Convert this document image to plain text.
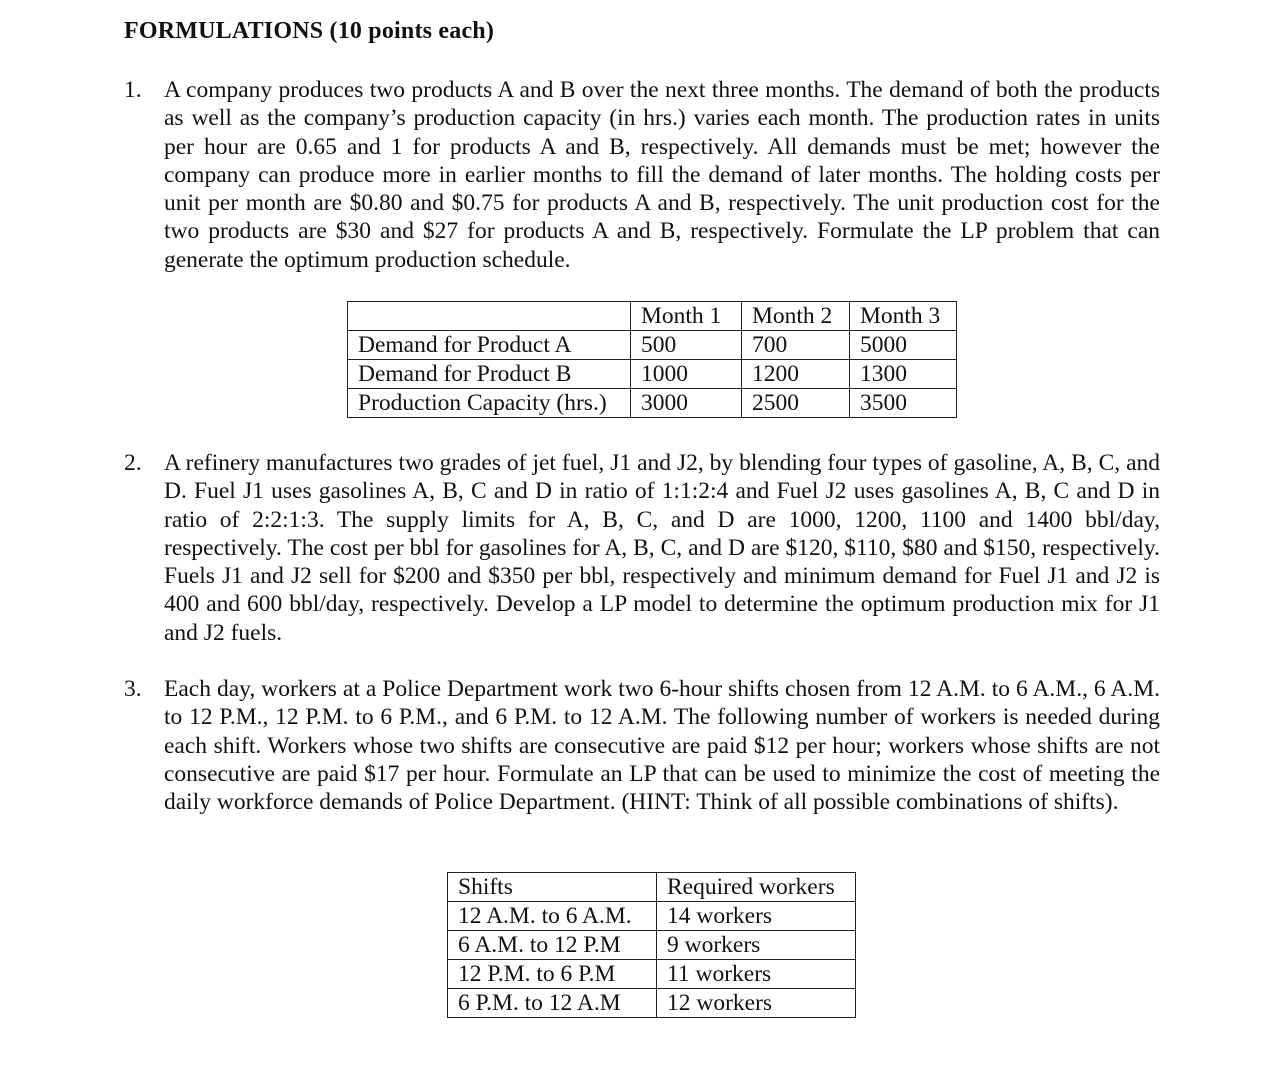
FORMULATIONS (10 points each)
1. A company produces two products A and B over the next three months. The demand of both the products as well as the company’s production capacity (in hrs.) varies each month. The production rates in units per hour are 0.65 and 1 for products A and B, respectively. All demands must be met; however the company can produce more in earlier months to fill the demand of later months. The holding costs per unit per month are $0.80 and $0.75 for products A and B, respectively. The unit production cost for the two products are $30 and $27 for products A and B, respectively. Formulate the LP problem that can generate the optimum production schedule.
	Month 1	Month 2	Month 3
Demand for Product A	500	700	5000
Demand for Product B	1000	1200	1300
Production Capacity (hrs.)	3000	2500	3500
2. A refinery manufactures two grades of jet fuel, J1 and J2, by blending four types of gasoline, A, B, C, and D. Fuel J1 uses gasolines A, B, C and D in ratio of 1:1:2:4 and Fuel J2 uses gasolines A, B, C and D in ratio of 2:2:1:3. The supply limits for A, B, C, and D are 1000, 1200, 1100 and 1400 bbl/day, respectively. The cost per bbl for gasolines for A, B, C, and D are $120, $110, $80 and $150, respectively. Fuels J1 and J2 sell for $200 and $350 per bbl, respectively and minimum demand for Fuel J1 and J2 is 400 and 600 bbl/day, respectively. Develop a LP model to determine the optimum production mix for J1 and J2 fuels.
3. Each day, workers at a Police Department work two 6-hour shifts chosen from 12 A.M. to 6 A.M., 6 A.M. to 12 P.M., 12 P.M. to 6 P.M., and 6 P.M. to 12 A.M. The following number of workers is needed during each shift. Workers whose two shifts are consecutive are paid $12 per hour; workers whose shifts are not consecutive are paid $17 per hour. Formulate an LP that can be used to minimize the cost of meeting the daily workforce demands of Police Department. (HINT: Think of all possible combinations of shifts).
Shifts	Required workers
12 A.M. to 6 A.M.	14 workers
6 A.M. to 12 P.M	9 workers
12 P.M. to 6 P.M	11 workers
6 P.M. to 12 A.M	12 workers
